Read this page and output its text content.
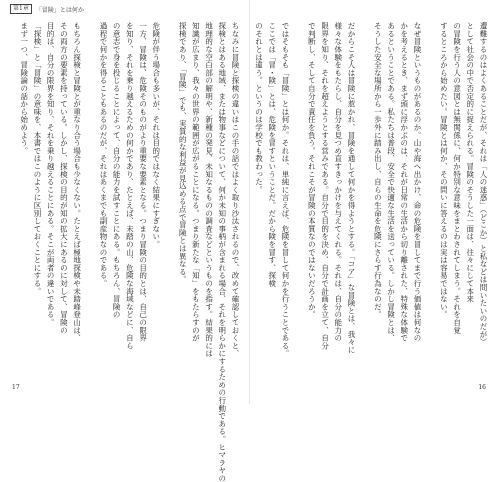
第1章	「冒険」とは何か

ちなみに冒険と探検の違いはこの手の話ではよく取り沙汰されるので、改めて確認しておくと、

探検とはある地域、または物事などについて、何か未知の事柄が含まれる場合、それを明らかにするための行動である。ヒマラヤの

地理的な空白部の解明や、新種の発見、未知なるものの調査などというものを指す。結果的には

知識が広まり、我々の世界の範囲が広がることになる。つまり新たな「知」をもたらすのが

探検であり、「冒険」でも、実質的な利益が見込める点で冒険とは異なる。

危険が伴う場合も多いが、それは目的ではなく結果にすぎない。

一方、冒険は、危険そのものがより重要な要素となる。つまり冒険の目的とは、自己の限界

を知り、それを乗り越えるための何かであり、たとえば、未踏の山、危険な海域などに、自ら

の意志で身を投じることによって、自分の能力を試すことにある。もちろん、冒険の

過程で何かを得ることもあるのだが、それはあくまでも副産物なのである。

もちろん探検と冒険とが重なり合う場合も少なくない。たとえば極地探検や未踏峰登山は、

その両方の要素を持っている。しかし、探検の目的が知の拡大にあるのに対して、冒険の

目的は、自分の限界を知り、それを乗り越えることにある。そこが両者の違いである。

「探検」と「冒険」の意味を、本書ではこのように区別しておくことにする。

まず一つ、冒険論の話から始めよう。

17

遭難するのはよくあることだが、それは「人の迷惑」（どこか）と私などは問いたいのだが）

として社会の中で否定的に捉えられる。冒険のそうした一面は、往々にして本来

の冒険を行う人の意図とは無関係に、何か特別な意味をまとわされてしまう。それを自覚

するところから始めたい。冒険とは何か、その問いに答えるのは実は容易ではない。

なぜ冒険というものがあるのか。山や海へ出かけ、命の危険を冒してまで行う価値は何なの

かを考えるとき、まず頭に浮かぶのは、それが日常の生活から切り離された、特殊な体験で

あるということである。私たちは普段、安全で快適な生活を送っている。しかし冒険とは、

そうした安全な場所から一歩外に踏み出し、自らの生命を危険にさらす行為なのだ。

だからこそ人は冒険に惹かれ、冒険を通して何かを得ようとする。「コア」な冒険とは、我々に

様々な体験をもたらし、自分を見つめ直すきっかけを与えてくれる。それは、自分の能力の

限界を知り、それを超えようとする営みである。自分で目的を決め、自分で計画を立て、自分

で判断し、そして自分で責任を負う。それこそが冒険の本質なのではないだろうか。

ではそもそも「冒険」とは何か。それは、単純に言えば、危険を冒して何かを行うことである。

ここでは「冒・険」とは、危険を冒すということだ。だから険を冒す、探検

のそれとは違う。というのは学校でも教わった。

16
